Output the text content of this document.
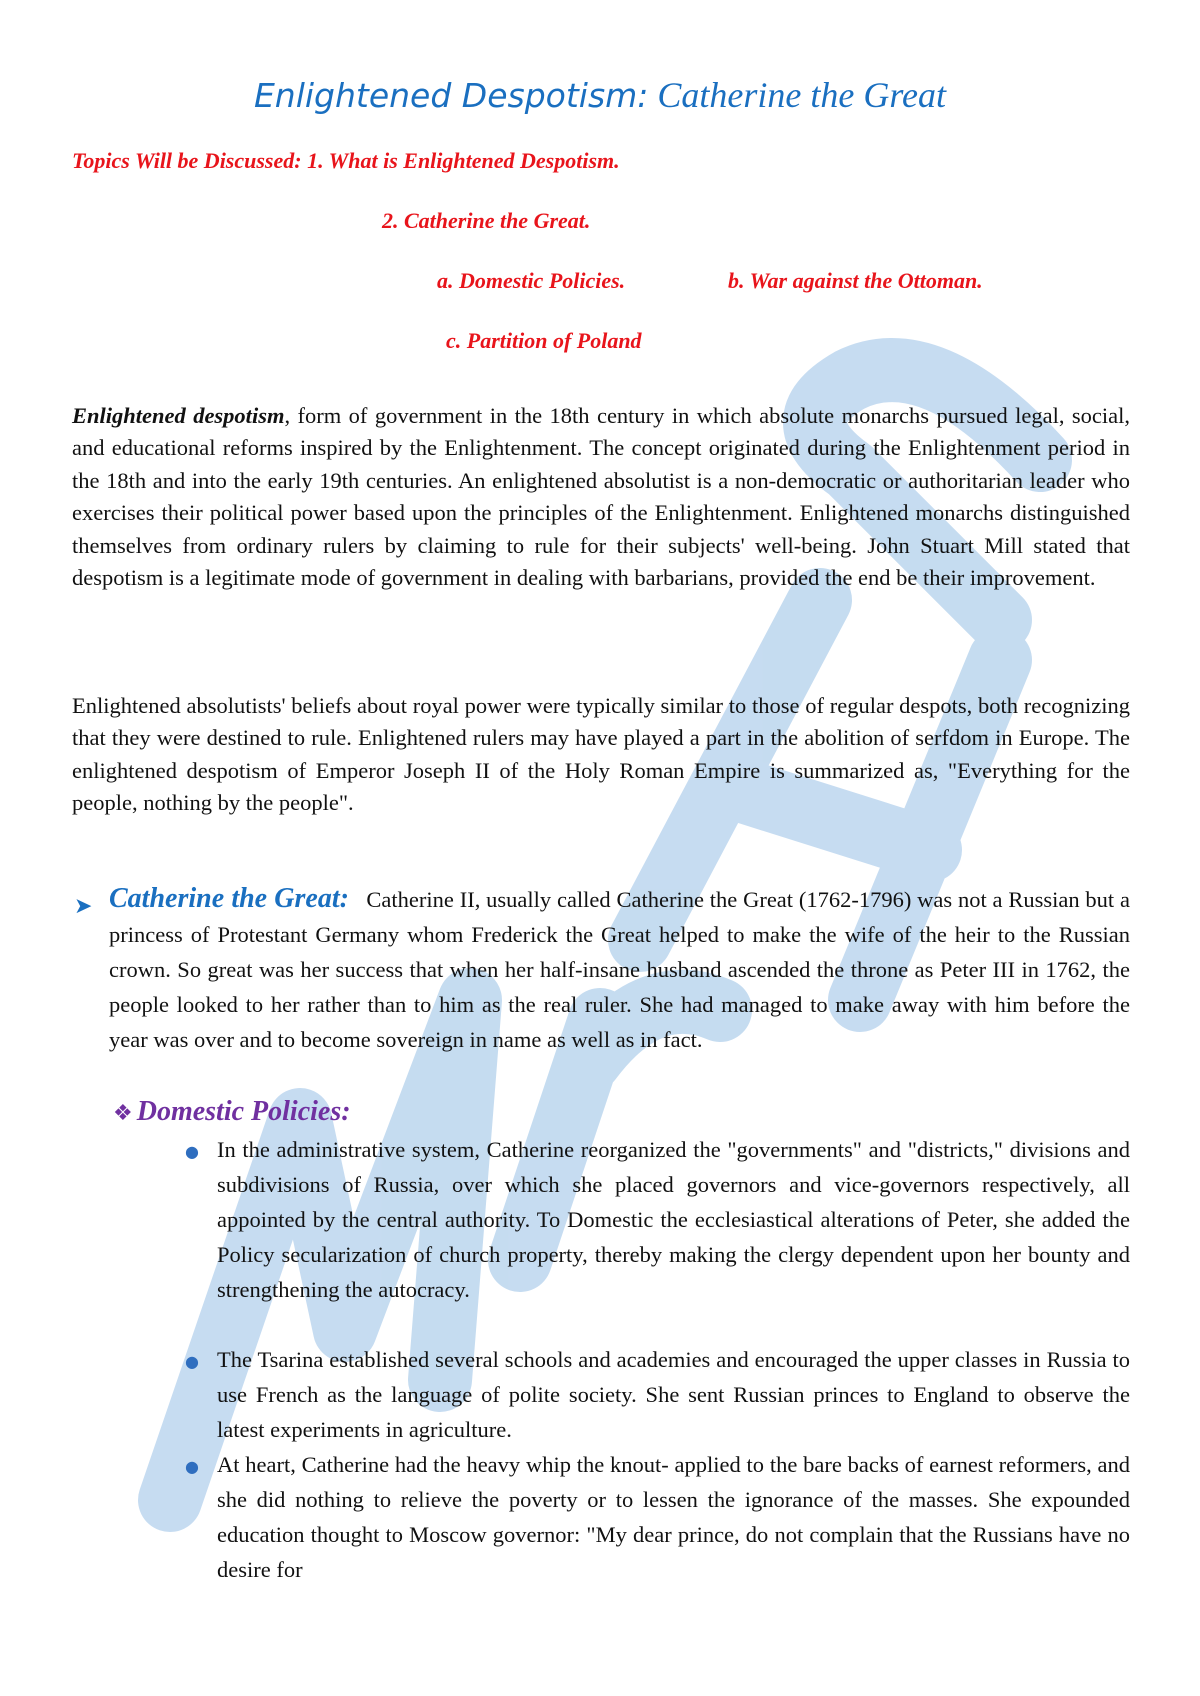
Enlightened Despotism: Catherine the Great
Topics Will be Discussed: 1. What is Enlightened Despotism.
2. Catherine the Great.
a. Domestic Policies.	b. War against the Ottoman.
c. Partition of Poland

Enlightened despotism, form of government in the 18th century in which absolute monarchs pursued legal, social, and educational reforms inspired by the Enlightenment. The concept originated during the Enlightenment period in the 18th and into the early 19th centuries. An enlightened absolutist is a non-democratic or authoritarian leader who exercises their political power based upon the principles of the Enlightenment. Enlightened monarchs distinguished themselves from ordinary rulers by claiming to rule for their subjects' well-being. John Stuart Mill stated that despotism is a legitimate mode of government in dealing with barbarians, provided the end be their improvement.

Enlightened absolutists' beliefs about royal power were typically similar to those of regular despots, both recognizing that they were destined to rule. Enlightened rulers may have played a part in the abolition of serfdom in Europe. The enlightened despotism of Emperor Joseph II of the Holy Roman Empire is summarized as, "Everything for the people, nothing by the people".

➤ Catherine the Great: Catherine II, usually called Catherine the Great (1762-1796) was not a Russian but a princess of Protestant Germany whom Frederick the Great helped to make the wife of the heir to the Russian crown. So great was her success that when her half-insane husband ascended the throne as Peter III in 1762, the people looked to her rather than to him as the real ruler. She had managed to make away with him before the year was over and to become sovereign in name as well as in fact.

❖ Domestic Policies:
● In the administrative system, Catherine reorganized the "governments" and "districts," divisions and subdivisions of Russia, over which she placed governors and vice-governors respectively, all appointed by the central authority. To Domestic the ecclesiastical alterations of Peter, she added the Policy secularization of church property, thereby making the clergy dependent upon her bounty and strengthening the autocracy.

● The Tsarina established several schools and academies and encouraged the upper classes in Russia to use French as the language of polite society. She sent Russian princes to England to observe the latest experiments in agriculture.

● At heart, Catherine had the heavy whip the knout- applied to the bare backs of earnest reformers, and she did nothing to relieve the poverty or to lessen the ignorance of the masses. She expounded education thought to Moscow governor: "My dear prince, do not complain that the Russians have no desire for
